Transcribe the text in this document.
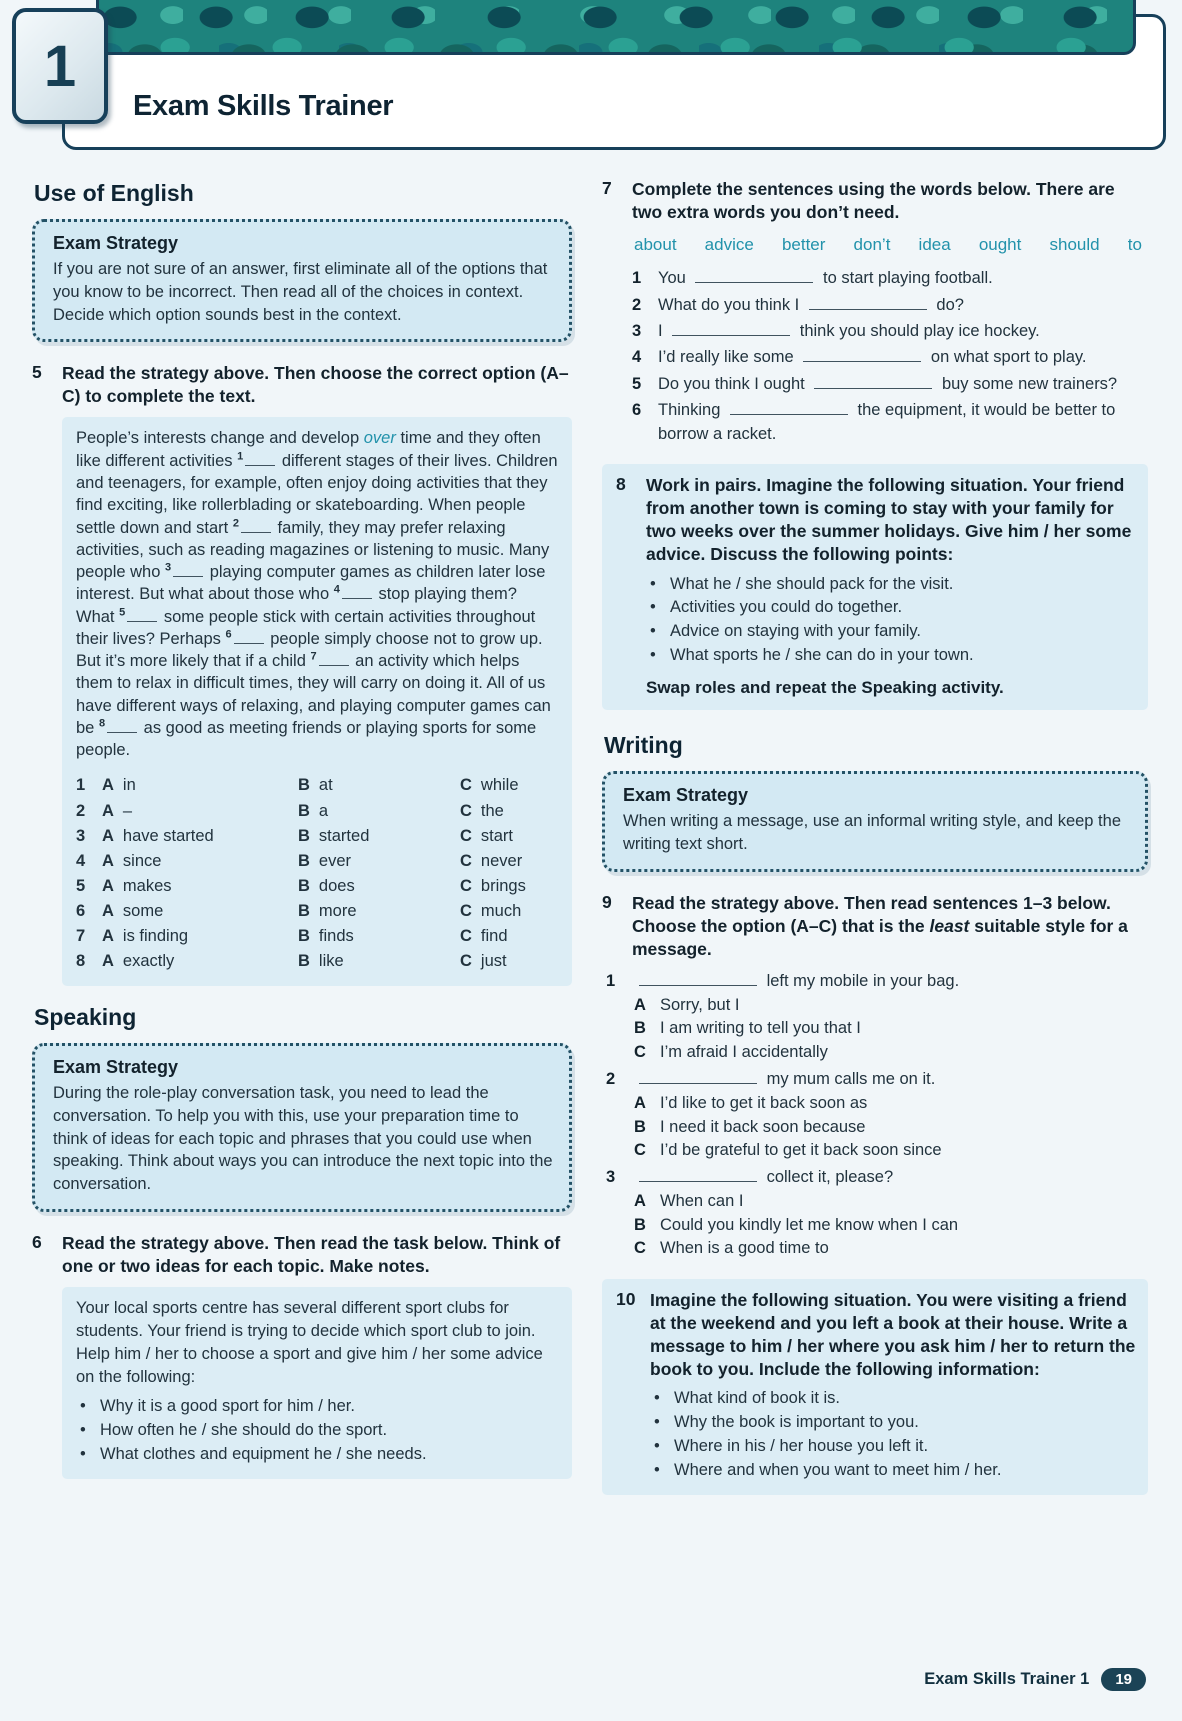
Exam Skills Trainer
1
Use of English
Exam Strategy

If you are not sure of an answer, first eliminate all of the options that you know to be incorrect. Then read all of the choices in context. Decide which option sounds best in the context.

5	Read the strategy above. Then choose the correct option (A–C) to complete the text.

People’s interests change and develop over time and they often like different activities $^1$ different stages of their lives. Children and teenagers, for example, often enjoy doing activities that they find exciting, like rollerblading or skateboarding. When people settle down and start $^2$ family, they may prefer relaxing activities, such as reading magazines or listening to music. Many people who $^3$ playing computer games as children later lose interest. But what about those who $^4$ stop playing them? What $^5$ some people stick with certain activities throughout their lives? Perhaps $^6$ people simply choose not to grow up. But it’s more likely that if a child $^7$ an activity which helps them to relax in difficult times, they will carry on doing it. All of us have different ways of relaxing, and playing computer games can be $^8$ as good as meeting friends or playing sports for some people.

1	A in	B at	C while
2	A –	B a	C the
3	A have started	B started	C start
4	A since	B ever	C never
5	A makes	B does	C brings
6	A some	B more	C much
7	A is finding	B finds	C find
8	A exactly	B like	C just
Speaking
Exam Strategy

During the role-play conversation task, you need to lead the conversation. To help you with this, use your preparation time to think of ideas for each topic and phrases that you could use when speaking. Think about ways you can introduce the next topic into the conversation.

6	Read the strategy above. Then read the task below. Think of one or two ideas for each topic. Make notes.

Your local sports centre has several different sport clubs for students. Your friend is trying to decide which sport club to join. Help him / her to choose a sport and give him / her some advice on the following:

• Why it is a good sport for him / her.
• How often he / she should do the sport.
• What clothes and equipment he / she needs.
7	Complete the sentences using the words below. There are two extra words you don’t need.

about advice better don’t idea ought should to
1	You	to start playing football.
2	What do you think I	do?
3	I	think you should play ice hockey.
4	I’d really like some	on what sport to play.
5	Do you think I ought	buy some new trainers?
6	Thinking	the equipment, it would be better to borrow a racket.
8	Work in pairs. Imagine the following situation. Your friend from another town is coming to stay with your family for two weeks over the summer holidays. Give him / her some advice. Discuss the following points:

• What he / she should pack for the visit.
• Activities you could do together.
• Advice on staying with your family.
• What sports he / she can do in your town.

Swap roles and repeat the Speaking activity.

Writing
Exam Strategy

When writing a message, use an informal writing style, and keep the writing text short.

9	Read the strategy above. Then read sentences 1–3 below. Choose the option (A–C) that is the least suitable style for a message.

1	left my mobile in your bag.
A Sorry, but I
B I am writing to tell you that I
C I’m afraid I accidentally
2	my mum calls me on it.
A I’d like to get it back soon as
B I need it back soon because
C I’d be grateful to get it back soon since
3	collect it, please?
A When can I
B Could you kindly let me know when I can
C When is a good time to
10 Imagine the following situation. You were visiting a friend at the weekend and you left a book at their house. Write a message to him / her where you ask him / her to return the book to you. Include the following information:

• What kind of book it is.
• Why the book is important to you.
• Where in his / her house you left it.
• Where and when you want to meet him / her.
Exam Skills Trainer 1	19
